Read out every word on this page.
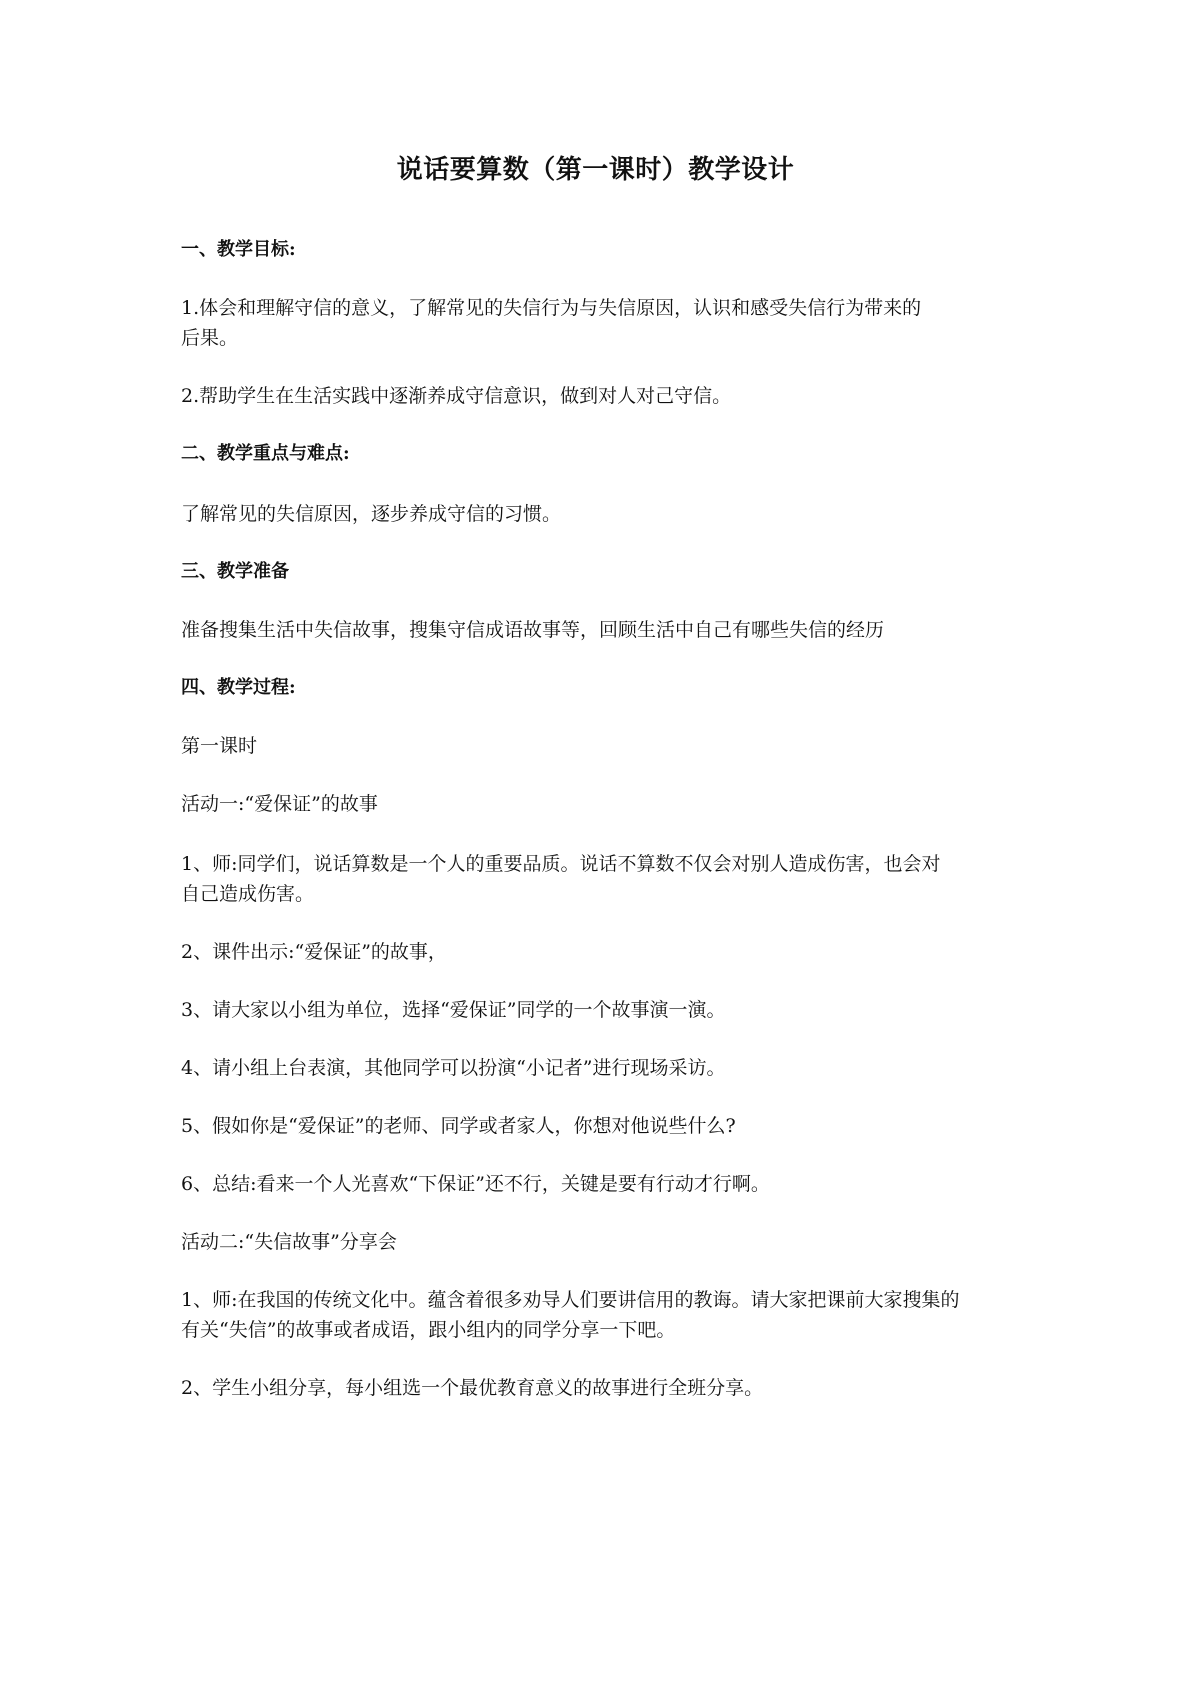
说话要算数（第一课时）教学设计
一、教学目标:
1.体会和理解守信的意义，了解常见的失信行为与失信原因，认识和感受失信行为带来的
后果。
2.帮助学生在生活实践中逐渐养成守信意识，做到对人对己守信。
二、教学重点与难点:
了解常见的失信原因，逐步养成守信的习惯。
三、教学准备
准备搜集生活中失信故事，搜集守信成语故事等，回顾生活中自己有哪些失信的经历
四、教学过程:
第一课时
活动一:“爱保证”的故事
1、师:同学们，说话算数是一个人的重要品质。说话不算数不仅会对别人造成伤害，也会对
自己造成伤害。
2、课件出示:“爱保证”的故事，
3、请大家以小组为单位，选择“爱保证”同学的一个故事演一演。
4、请小组上台表演，其他同学可以扮演“小记者”进行现场采访。
5、假如你是“爱保证”的老师、同学或者家人，你想对他说些什么?
6、总结:看来一个人光喜欢“下保证”还不行，关键是要有行动才行啊。
活动二:“失信故事”分享会
1、师:在我国的传统文化中。蕴含着很多劝导人们要讲信用的教诲。请大家把课前大家搜集的
有关“失信”的故事或者成语，跟小组内的同学分享一下吧。
2、学生小组分享，每小组选一个最优教育意义的故事进行全班分享。
